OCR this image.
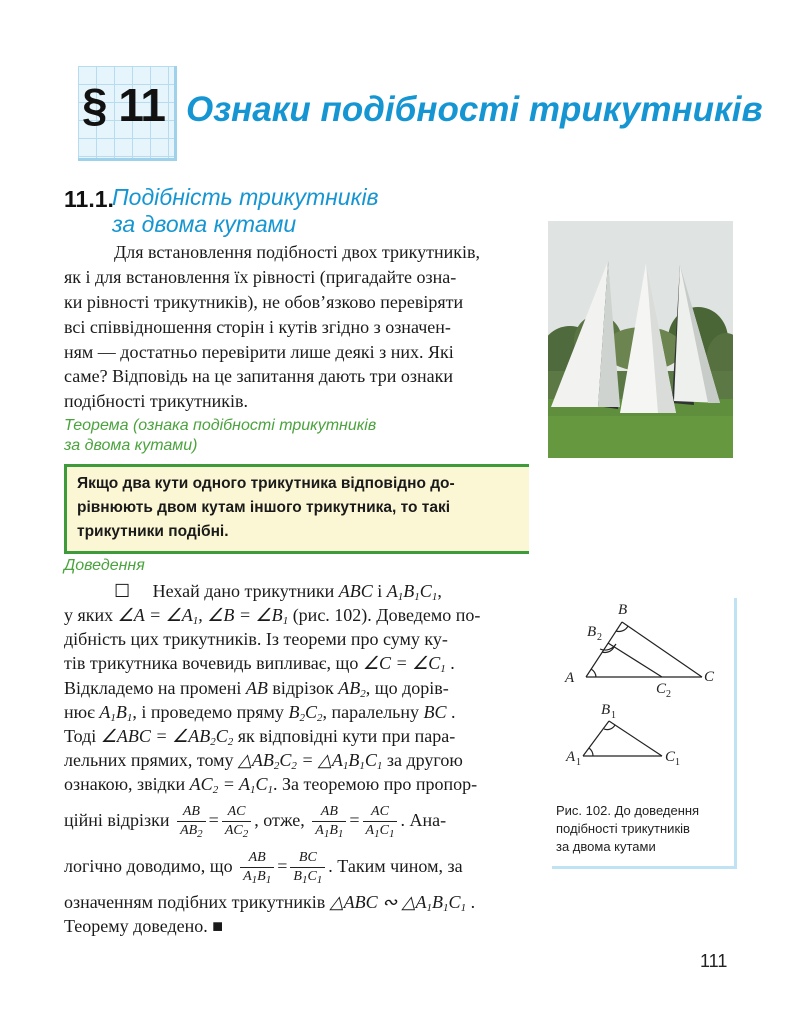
§ 11 Ознаки подібності трикутників
11.1.
Подібність трикутників
за двома кутами
Для встановлення подібності двох трикутників,
як і для встановлення їх рівності (пригадайте озна-
ки рівності трикутників), не обов’язково перевіряти
всі співвідношення сторін і кутів згідно з означен-
ням — достатньо перевірити лише деякі з них. Які
саме? Відповідь на це запитання дають три ознаки
подібності трикутників.
Теорема (ознака подібності трикутників
за двома кутами)
Якщо два кути одного трикутника відповідно до-
рівнюють двом кутам іншого трикутника, то такі
трикутники подібні.
Доведення
☐ Нехай дано трикутники ABC і $A_1B_1C_1$,
у яких ∠A = $\angle A_1$, ∠B = $\angle B_1$ (рис. 102). Доведемо по-
дібність цих трикутників. Із теореми про суму ку-
тів трикутника вочевидь випливає, що ∠C = $\angle C_1$ .
Відкладемо на промені AB відрізок $AB_2$, що дорів-
нює $A_1B_1$, і проведемо пряму $B_2C_2$, паралельну BC .
Тоді ∠ABC = $\angle AB_2C_2$ як відповідні кути при пара-
лельних прямих, тому $\triangle AB_2C_2$ = $\triangle A_1B_1C_1$ за другою
ознакою, звідки $AC_2 = A_1C_1$. За теоремою про пропор-
ційні відрізки $\frac{AB}{AB_2} = \frac{AC}{AC_2}$ , отже, $\frac{AB}{A_1B_1} = \frac{AC}{A_1C_1}$ . Ана-
логічно доводимо, що $\frac{AB}{A_1B_1} = \frac{BC}{B_1C_1}$ . Таким чином, за
означенням подібних трикутників △ABC ∾ $\triangle A_1B_1C_1$ .
Теорему доведено. ■
A
B
C
B 2
C 2
B 1
A 1	C 1
Рис. 102. До доведення
подібності трикутників
за двома кутами
111
